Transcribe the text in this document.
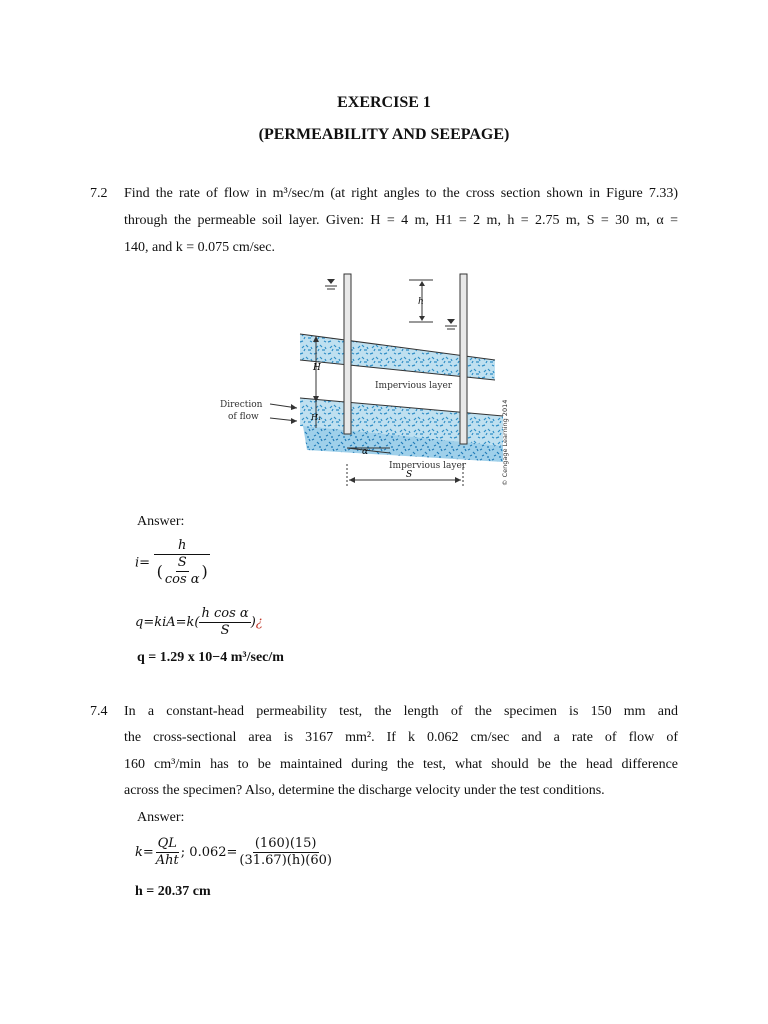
EXERCISE 1
(PERMEABILITY AND SEEPAGE)
7.2 Find the rate of flow in m³/sec/m (at right angles to the cross section shown in Figure 7.33)
through the permeable soil layer. Given: H = 4 m, H1 = 2 m, h = 2.75 m, S = 30 m, α =
140, and k = 0.075 cm/sec.
h
H
H₁
Impervious layer
Impervious layer
α
S
Direction
of flow	© Cengage Learning 2014
Answer:
$i= \frac{h}{( \frac{S}{\text{cos α}} )}$
$q=kiA=k( \frac{\text{h cos α}}{S}$ )¿
q = 1.29 x 10−4 m³/sec/m
7.4 In a constant-head permeability test, the length of the specimen is 150 mm and
the cross-sectional area is 3167 mm². If k 0.062 cm/sec and a rate of flow of
160 cm³/min has to be maintained during the test, what should be the head difference
across the specimen? Also, determine the discharge velocity under the test conditions.
Answer:
$k= \frac{QL}{\text{Aht}}$ ; $0.062= \frac{(160)(15)}{(31.67)(h)(60)}$
h = 20.37 cm
